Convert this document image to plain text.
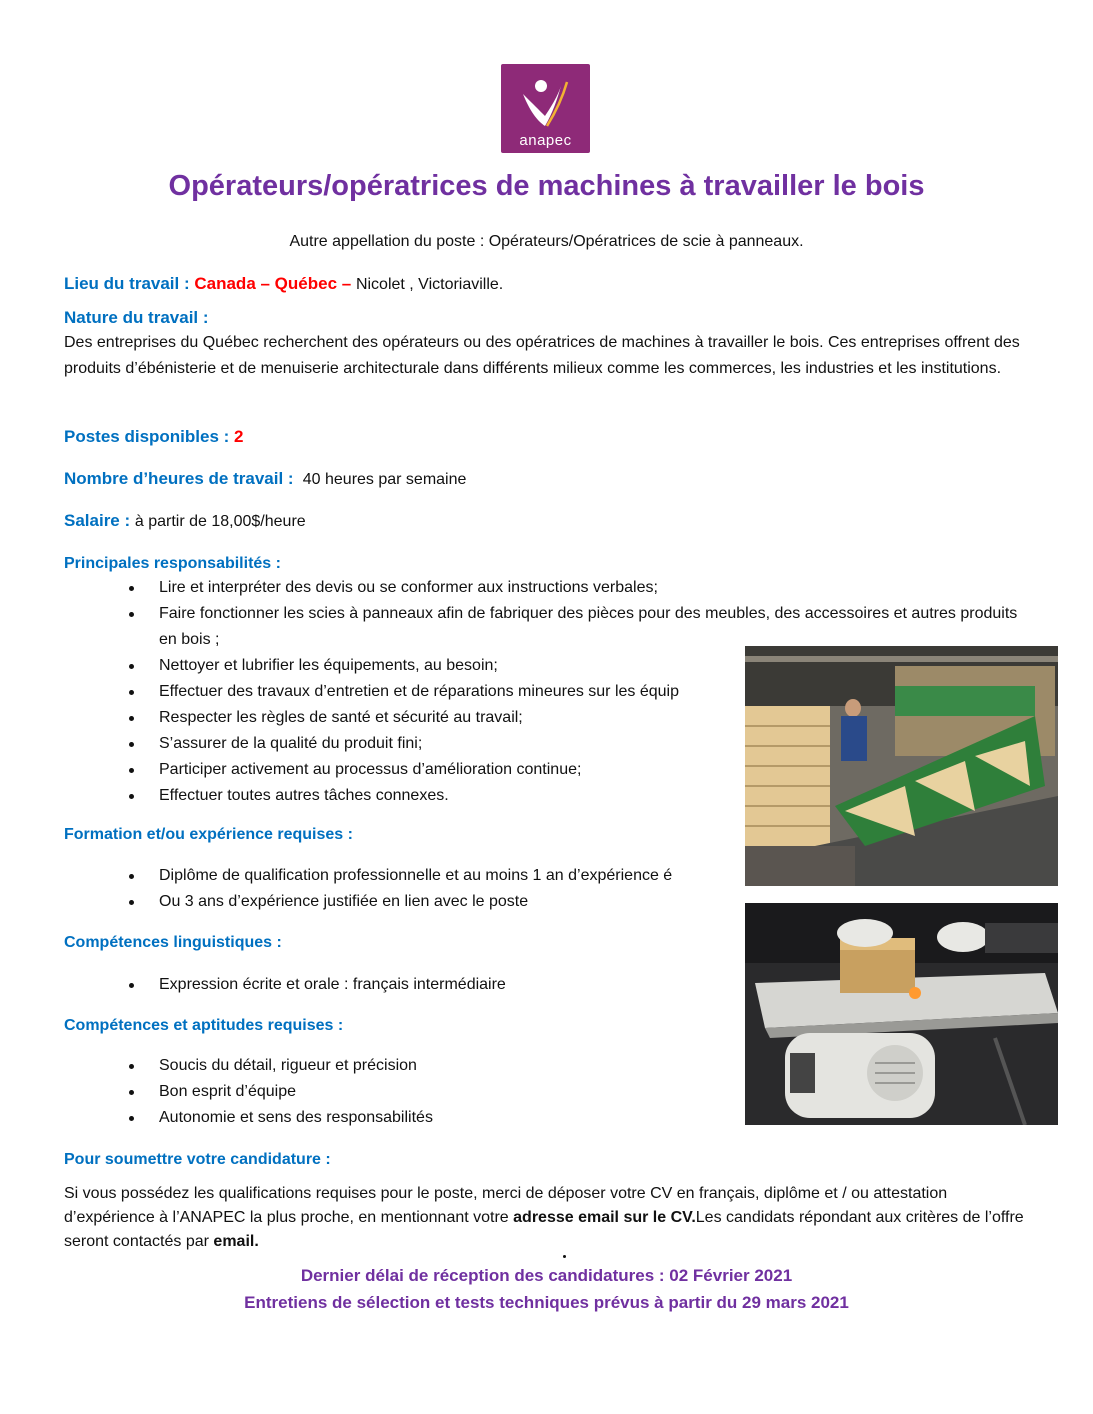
anapec
Opérateurs/opératrices de machines à travailler le bois
Autre appellation du poste : Opérateurs/Opératrices de scie à panneaux.
Lieu du travail : Canada – Québec – Nicolet , Victoriaville.
Nature du travail :
Des entreprises du Québec recherchent des opérateurs ou des opératrices de machines à travailler le bois. Ces entreprises offrent des produits d’ébénisterie et de menuiserie architecturale dans différents milieux comme les commerces, les industries et les institutions.
Postes disponibles : 2
Nombre d’heures de travail :  40 heures par semaine
Salaire : à partir de 18,00$/heure
Principales responsabilités :
Lire et interpréter des devis ou se conformer aux instructions verbales;
Faire fonctionner les scies à panneaux afin de fabriquer des pièces pour des meubles, des accessoires et autres produits en bois ;
Nettoyer et lubrifier les équipements, au besoin;
Effectuer des travaux d’entretien et de réparations mineures sur les équip
Respecter les règles de santé et sécurité au travail;
S’assurer de la qualité du produit fini;
Participer activement au processus d’amélioration continue;
Effectuer toutes autres tâches connexes.
Formation et/ou expérience requises :
Diplôme de qualification professionnelle et au moins 1 an d’expérience é
Ou 3 ans d’expérience justifiée en lien avec le poste
Compétences linguistiques :
Expression écrite et orale : français intermédiaire
Compétences et aptitudes requises :
Soucis du détail, rigueur et précision
Bon esprit d’équipe
Autonomie et sens des responsabilités
Pour soumettre votre candidature :
Si vous possédez les qualifications requises pour le poste, merci de déposer votre CV en français, diplôme et / ou attestation d’expérience à l’ANAPEC la plus proche, en mentionnant votre adresse email sur le CV.Les candidats répondant aux critères de l’offre seront contactés par email.
Dernier délai de réception des candidatures : 02 Février 2021
Entretiens de sélection et tests techniques prévus à partir du 29 mars 2021
